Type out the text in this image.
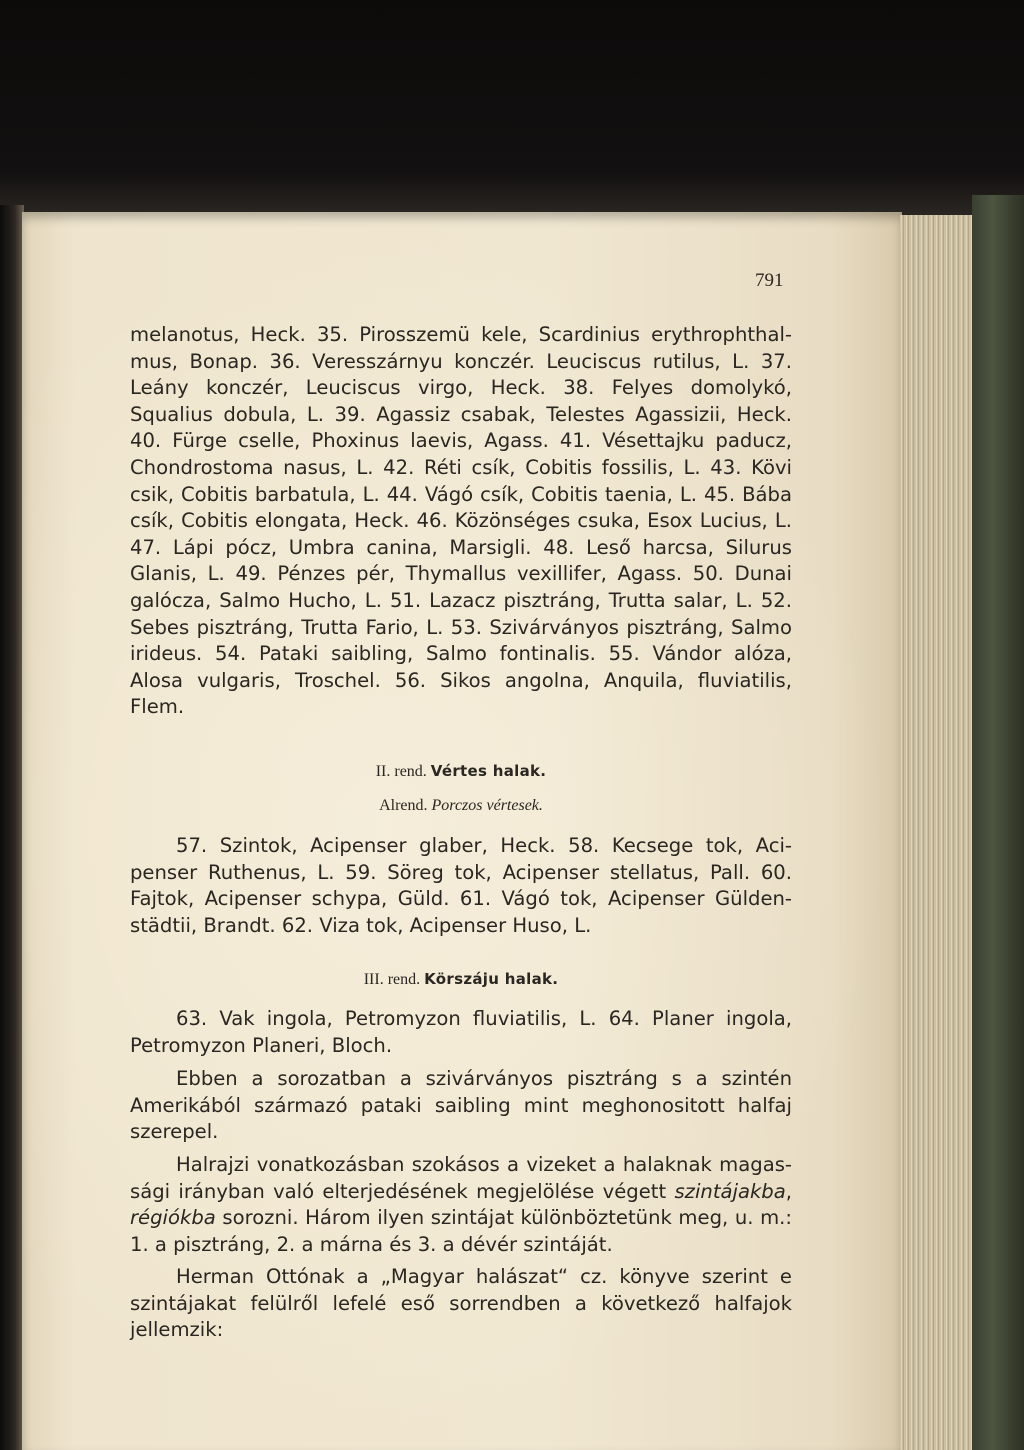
791

melanotus, Heck. 35. Pirosszemü kele, Scardinius erythrophthalmus, Bonap. 36. Veresszárnyu konczér. Leuciscus rutilus, L. 37. Leány konczér, Leuciscus virgo, Heck. 38. Felyes domolykó, Squalius dobula, L. 39. Agassiz csabak, Telestes Agassizii, Heck. 40. Fürge cselle, Phoxinus laevis, Agass. 41. Vésettajku paducz, Chondrostoma nasus, L. 42. Réti csík, Cobitis fossilis, L. 43. Kövi csik, Cobitis barbatula, L. 44. Vágó csík, Cobitis taenia, L. 45. Bába csík, Cobitis elongata, Heck. 46. Közönséges csuka, Esox Lucius, L. 47. Lápi pócz, Umbra canina, Marsigli. 48. Leső harcsa, Silurus Glanis, L. 49. Pénzes pér, Thymallus vexillifer, Agass. 50. Dunai galócza, Salmo Hucho, L. 51. Lazacz pisztráng, Trutta salar, L. 52. Sebes pisztráng, Trutta Fario, L. 53. Szivárványos pisztráng, Salmo irideus. 54. Pataki saibling, Salmo fontinalis. 55. Vándor alóza, Alosa vulgaris, Troschel. 56. Sikos angolna, Anquila, fluviatilis, Flem.

II. rend. Vértes halak.

Alrend. Porczos vértesek.

57. Szintok, Acipenser glaber, Heck. 58. Kecsege tok, Acipenser Ruthenus, L. 59. Söreg tok, Acipenser stellatus, Pall. 60. Fajtok, Acipenser schypa, Güld. 61. Vágó tok, Acipenser Güldenstädtii, Brandt. 62. Viza tok, Acipenser Huso, L.

III. rend. Körszáju halak.

63. Vak ingola, Petromyzon fluviatilis, L. 64. Planer ingola, Petromyzon Planeri, Bloch.

Ebben a sorozatban a szivárványos pisztráng s a szintén Amerikából származó pataki saibling mint meghonositott halfaj szerepel.

Halrajzi vonatkozásban szokásos a vizeket a halaknak magassági irányban való elterjedésének megjelölése végett szintájakba, régiókba sorozni. Három ilyen szintájat különböztetünk meg, u. m.: 1. a pisztráng, 2. a márna és 3. a dévér szintáját.

Herman Ottónak a „Magyar halászat“ cz. könyve szerint e szintájakat felülről lefelé eső sorrendben a következő halfajok jellemzik:
